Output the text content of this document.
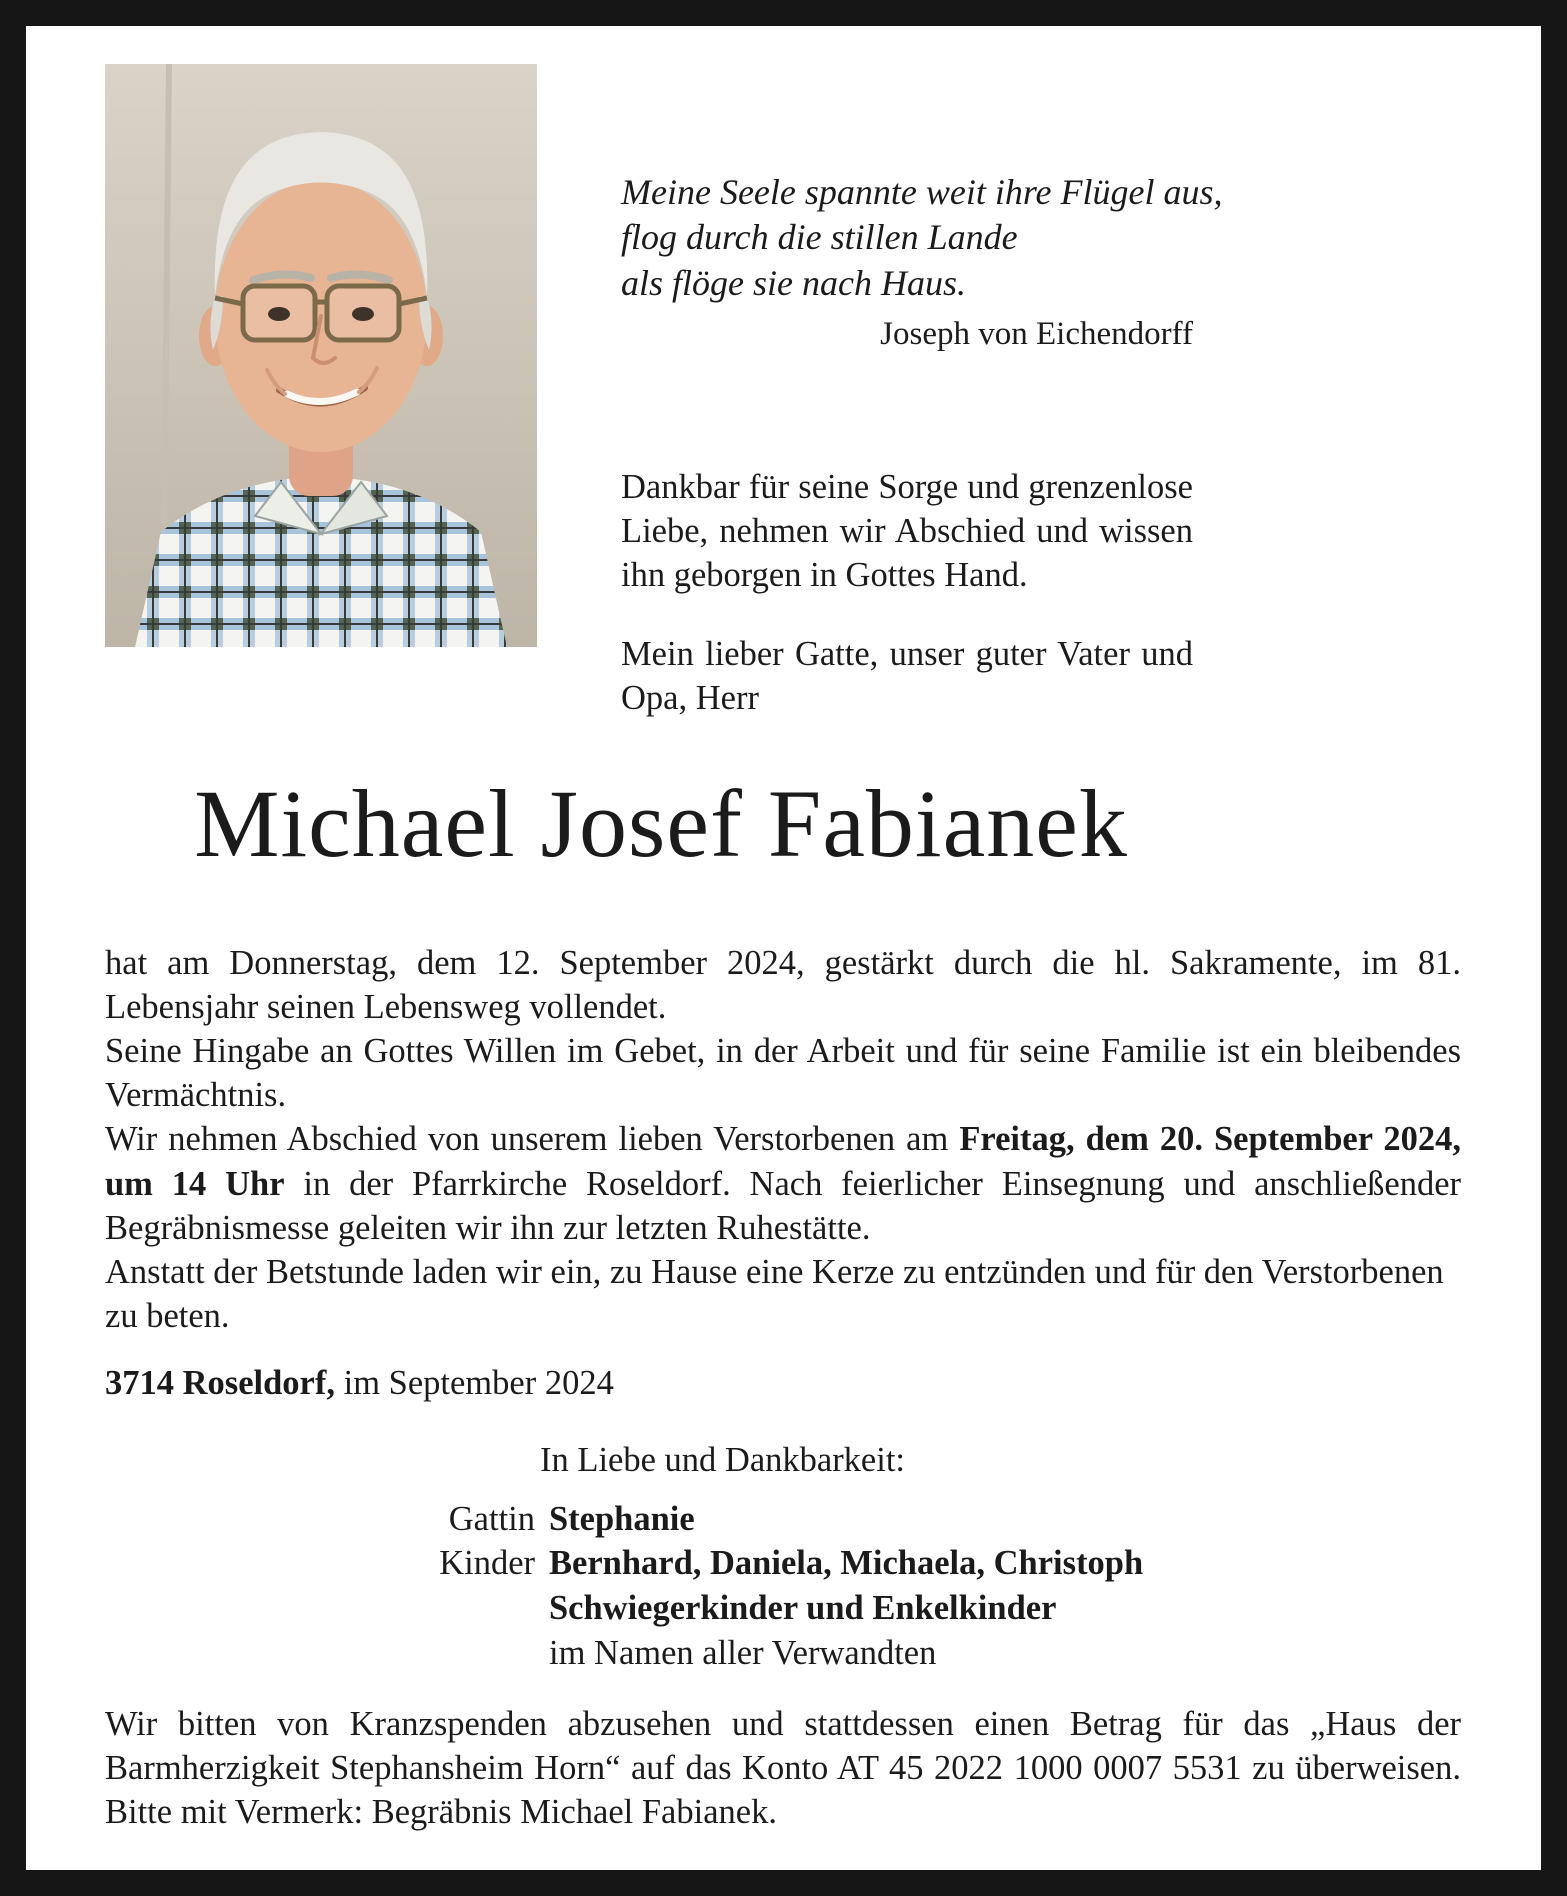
Meine Seele spannte weit ihre Flügel aus,
flog durch die stillen Lande
als flöge sie nach Haus.
Joseph von Eichendorff

Dankbar für seine Sorge und grenzenlose Liebe, nehmen wir Abschied und wissen ihn geborgen in Gottes Hand.

Mein lieber Gatte, unser guter Vater und Opa, Herr

Michael Josef Fabianek

hat am Donnerstag, dem 12. September 2024, gestärkt durch die hl. Sakramente, im 81. Lebensjahr seinen Lebensweg vollendet.

Seine Hingabe an Gottes Willen im Gebet, in der Arbeit und für seine Familie ist ein bleibendes Vermächtnis.

Wir nehmen Abschied von unserem lieben Verstorbenen am Freitag, dem 20. September 2024, um 14 Uhr in der Pfarrkirche Roseldorf. Nach feierlicher Einsegnung und anschließender Begräbnismesse geleiten wir ihn zur letzten Ruhestätte.

Anstatt der Betstunde laden wir ein, zu Hause eine Kerze zu entzünden und für den Verstorbenen zu beten.

3714 Roseldorf, im September 2024

In Liebe und Dankbarkeit:
Gattin Stephanie
Kinder Bernhard, Daniela, Michaela, Christoph
Schwiegerkinder und Enkelkinder
im Namen aller Verwandten

Wir bitten von Kranzspenden abzusehen und stattdessen einen Betrag für das „Haus der Barmherzigkeit Stephansheim Horn“ auf das Konto AT 45 2022 1000 0007 5531 zu überweisen. Bitte mit Vermerk: Begräbnis Michael Fabianek.
